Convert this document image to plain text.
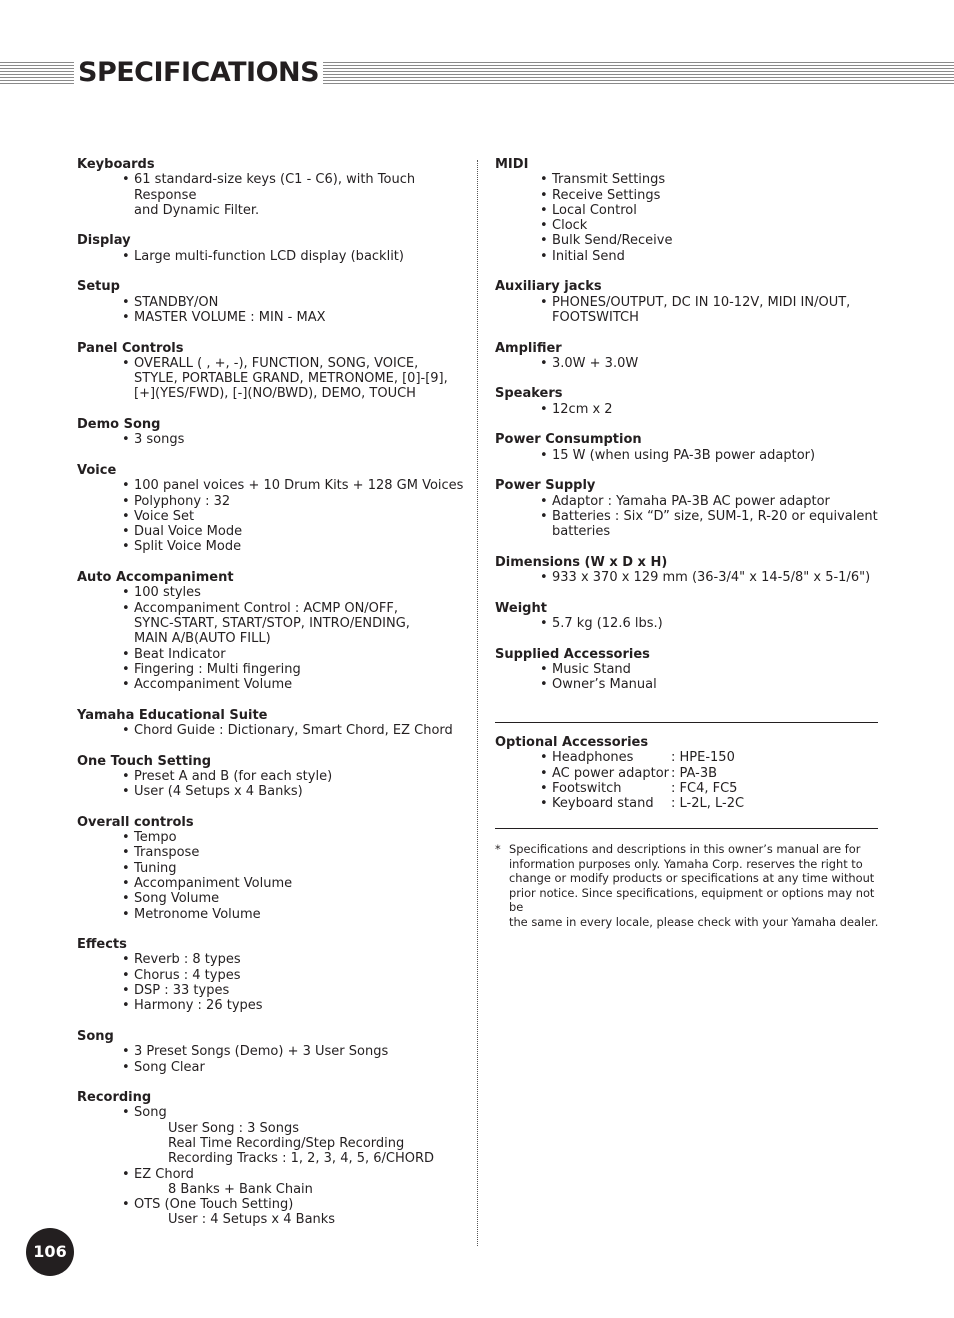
SPECIFICATIONS
Keyboards
• 61 standard-size keys (C1 - C6), with Touch Response
and Dynamic Filter.
Display
• Large multi-function LCD display (backlit)
Setup
• STANDBY/ON
• MASTER VOLUME : MIN - MAX
Panel Controls
• OVERALL ( , +, -), FUNCTION, SONG, VOICE,
STYLE, PORTABLE GRAND, METRONOME, [0]-[9],
[+](YES/FWD), [-](NO/BWD), DEMO, TOUCH
Demo Song
• 3 songs
Voice
• 100 panel voices + 10 Drum Kits + 128 GM Voices
• Polyphony : 32
• Voice Set
• Dual Voice Mode
• Split Voice Mode
Auto Accompaniment
• 100 styles
• Accompaniment Control : ACMP ON/OFF,
SYNC-START, START/STOP, INTRO/ENDING,
MAIN A/B(AUTO FILL)
• Beat Indicator
• Fingering : Multi fingering
• Accompaniment Volume
Yamaha Educational Suite
• Chord Guide : Dictionary, Smart Chord, EZ Chord
One Touch Setting
• Preset A and B (for each style)
• User (4 Setups x 4 Banks)
Overall controls
• Tempo
• Transpose
• Tuning
• Accompaniment Volume
• Song Volume
• Metronome Volume
Effects
• Reverb : 8 types
• Chorus : 4 types
• DSP : 33 types
• Harmony : 26 types
Song
• 3 Preset Songs (Demo) + 3 User Songs
• Song Clear
Recording
• Song
User Song : 3 Songs
Real Time Recording/Step Recording
Recording Tracks : 1, 2, 3, 4, 5, 6/CHORD
• EZ Chord
8 Banks + Bank Chain
• OTS (One Touch Setting)
User : 4 Setups x 4 Banks
MIDI
• Transmit Settings
• Receive Settings
• Local Control
• Clock
• Bulk Send/Receive
• Initial Send
Auxiliary jacks
• PHONES/OUTPUT, DC IN 10-12V, MIDI IN/OUT,
FOOTSWITCH
Amplifier
• 3.0W + 3.0W
Speakers
• 12cm x 2
Power Consumption
• 15 W (when using PA-3B power adaptor)
Power Supply
• Adaptor : Yamaha PA-3B AC power adaptor
• Batteries : Six “D” size, SUM-1, R-20 or equivalent
batteries
Dimensions (W x D x H)
• 933 x 370 x 129 mm (36-3/4" x 14-5/8" x 5-1/6")
Weight
• 5.7 kg (12.6 lbs.)
Supplied Accessories
• Music Stand
• Owner’s Manual
Optional Accessories
• Headphones	: HPE-150
• AC power adaptor : PA-3B
• Footswitch	: FC4, FC5
• Keyboard stand	: L-2L, L-2C
* Specifications and descriptions in this owner’s manual are for
information purposes only. Yamaha Corp. reserves the right to
change or modify products or specifications at any time without
prior notice. Since specifications, equipment or options may not be
the same in every locale, please check with your Yamaha dealer.
106
